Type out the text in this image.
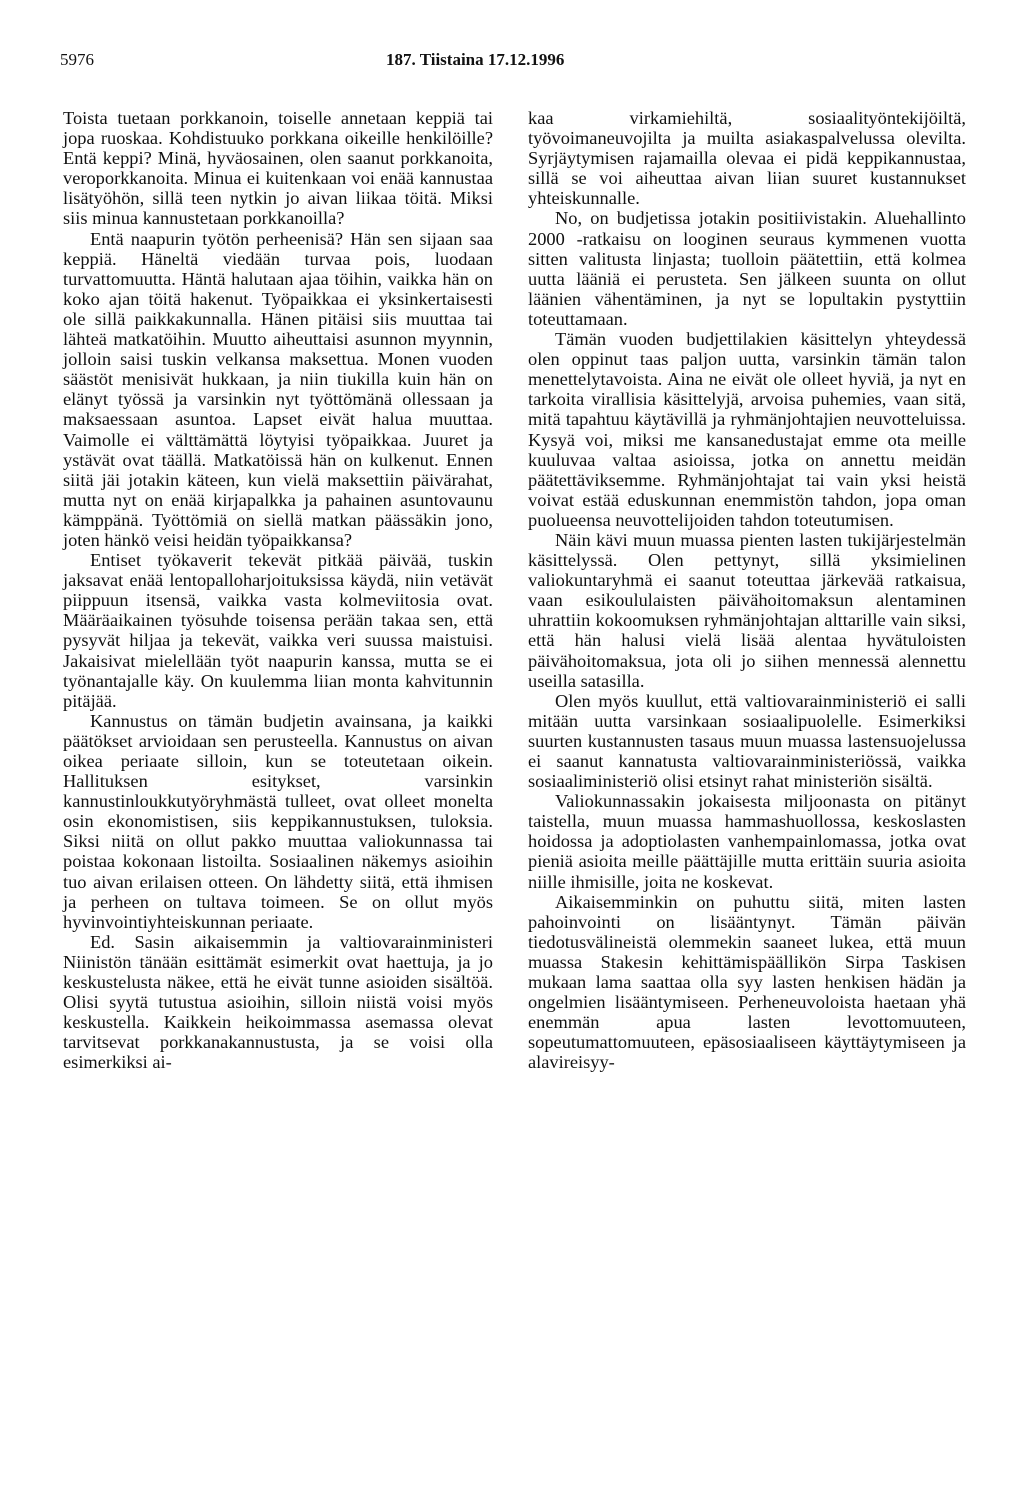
5976	187. Tiistaina 17.12.1996

Toista tuetaan porkkanoin, toiselle annetaan keppiä tai jopa ruoskaa. Kohdistuuko porkkana oikeille henkilöille? Entä keppi? Minä, hyväosainen, olen saanut porkkanoita, veroporkkanoita. Minua ei kuitenkaan voi enää kannustaa lisätyöhön, sillä teen nytkin jo aivan liikaa töitä. Miksi siis minua kannustetaan porkkanoilla?

Entä naapurin työtön perheenisä? Hän sen sijaan saa keppiä. Häneltä viedään turvaa pois, luodaan turvattomuutta. Häntä halutaan ajaa töihin, vaikka hän on koko ajan töitä hakenut. Työpaikkaa ei yksinkertaisesti ole sillä paikkakunnalla. Hänen pitäisi siis muuttaa tai lähteä matkatöihin. Muutto aiheuttaisi asunnon myynnin, jolloin saisi tuskin velkansa maksettua. Monen vuoden säästöt menisivät hukkaan, ja niin tiukilla kuin hän on elänyt työssä ja varsinkin nyt työttömänä ollessaan ja maksaessaan asuntoa. Lapset eivät halua muuttaa. Vaimolle ei välttämättä löytyisi työpaikkaa. Juuret ja ystävät ovat täällä. Matkatöissä hän on kulkenut. Ennen siitä jäi jotakin käteen, kun vielä maksettiin päivärahat, mutta nyt on enää kirjapalkka ja pahainen asuntovaunu kämppänä. Työttömiä on siellä matkan päässäkin jono, joten hänkö veisi heidän työpaikkansa?

Entiset työkaverit tekevät pitkää päivää, tuskin jaksavat enää lentopalloharjoituksissa käydä, niin vetävät piippuun itsensä, vaikka vasta kolmeviitosia ovat. Määräaikainen työsuhde toisensa perään takaa sen, että pysyvät hiljaa ja tekevät, vaikka veri suussa maistuisi. Jakaisivat mielellään työt naapurin kanssa, mutta se ei työnantajalle käy. On kuulemma liian monta kahvitunnin pitäjää.

Kannustus on tämän budjetin avainsana, ja kaikki päätökset arvioidaan sen perusteella. Kannustus on aivan oikea periaate silloin, kun se toteutetaan oikein. Hallituksen esitykset, varsinkin kannustinloukkutyöryhmästä tulleet, ovat olleet monelta osin ekonomistisen, siis keppikannustuksen, tuloksia. Siksi niitä on ollut pakko muuttaa valiokunnassa tai poistaa kokonaan listoilta. Sosiaalinen näkemys asioihin tuo aivan erilaisen otteen. On lähdetty siitä, että ihmisen ja perheen on tultava toimeen. Se on ollut myös hyvinvointiyhteiskunnan periaate.

Ed. Sasin aikaisemmin ja valtiovarainministeri Niinistön tänään esittämät esimerkit ovat haettuja, ja jo keskustelusta näkee, että he eivät tunne asioiden sisältöä. Olisi syytä tutustua asioihin, silloin niistä voisi myös keskustella. Kaikkein heikoimmassa asemassa olevat tarvitsevat porkkanakannustusta, ja se voisi olla esimerkiksi ai-

kaa virkamiehiltä, sosiaalityöntekijöiltä, työvoimaneuvojilta ja muilta asiakaspalvelussa olevilta. Syrjäytymisen rajamailla olevaa ei pidä keppikannustaa, sillä se voi aiheuttaa aivan liian suuret kustannukset yhteiskunnalle.

No, on budjetissa jotakin positiivistakin. Aluehallinto 2000 -ratkaisu on looginen seuraus kymmenen vuotta sitten valitusta linjasta; tuolloin päätettiin, että kolmea uutta lääniä ei perusteta. Sen jälkeen suunta on ollut läänien vähentäminen, ja nyt se lopultakin pystyttiin toteuttamaan.

Tämän vuoden budjettilakien käsittelyn yhteydessä olen oppinut taas paljon uutta, varsinkin tämän talon menettelytavoista. Aina ne eivät ole olleet hyviä, ja nyt en tarkoita virallisia käsittelyjä, arvoisa puhemies, vaan sitä, mitä tapahtuu käytävillä ja ryhmänjohtajien neuvotteluissa. Kysyä voi, miksi me kansanedustajat emme ota meille kuuluvaa valtaa asioissa, jotka on annettu meidän päätettäviksemme. Ryhmänjohtajat tai vain yksi heistä voivat estää eduskunnan enemmistön tahdon, jopa oman puolueensa neuvottelijoiden tahdon toteutumisen.

Näin kävi muun muassa pienten lasten tukijärjestelmän käsittelyssä. Olen pettynyt, sillä yksimielinen valiokuntaryhmä ei saanut toteuttaa järkevää ratkaisua, vaan esikoululaisten päivähoitomaksun alentaminen uhrattiin kokoomuksen ryhmänjohtajan alttarille vain siksi, että hän halusi vielä lisää alentaa hyvätuloisten päivähoitomaksua, jota oli jo siihen mennessä alennettu useilla satasilla.

Olen myös kuullut, että valtiovarainministeriö ei salli mitään uutta varsinkaan sosiaalipuolelle. Esimerkiksi suurten kustannusten tasaus muun muassa lastensuojelussa ei saanut kannatusta valtiovarainministeriössä, vaikka sosiaaliministeriö olisi etsinyt rahat ministeriön sisältä.

Valiokunnassakin jokaisesta miljoonasta on pitänyt taistella, muun muassa hammashuollossa, keskoslasten hoidossa ja adoptiolasten vanhempainlomassa, jotka ovat pieniä asioita meille päättäjille mutta erittäin suuria asioita niille ihmisille, joita ne koskevat.

Aikaisemminkin on puhuttu siitä, miten lasten pahoinvointi on lisääntynyt. Tämän päivän tiedotusvälineistä olemmekin saaneet lukea, että muun muassa Stakesin kehittämispäällikön Sirpa Taskisen mukaan lama saattaa olla syy lasten henkisen hädän ja ongelmien lisääntymiseen. Perheneuvoloista haetaan yhä enemmän apua lasten levottomuuteen, sopeutumattomuuteen, epäsosiaaliseen käyttäytymiseen ja alavireisyy-
